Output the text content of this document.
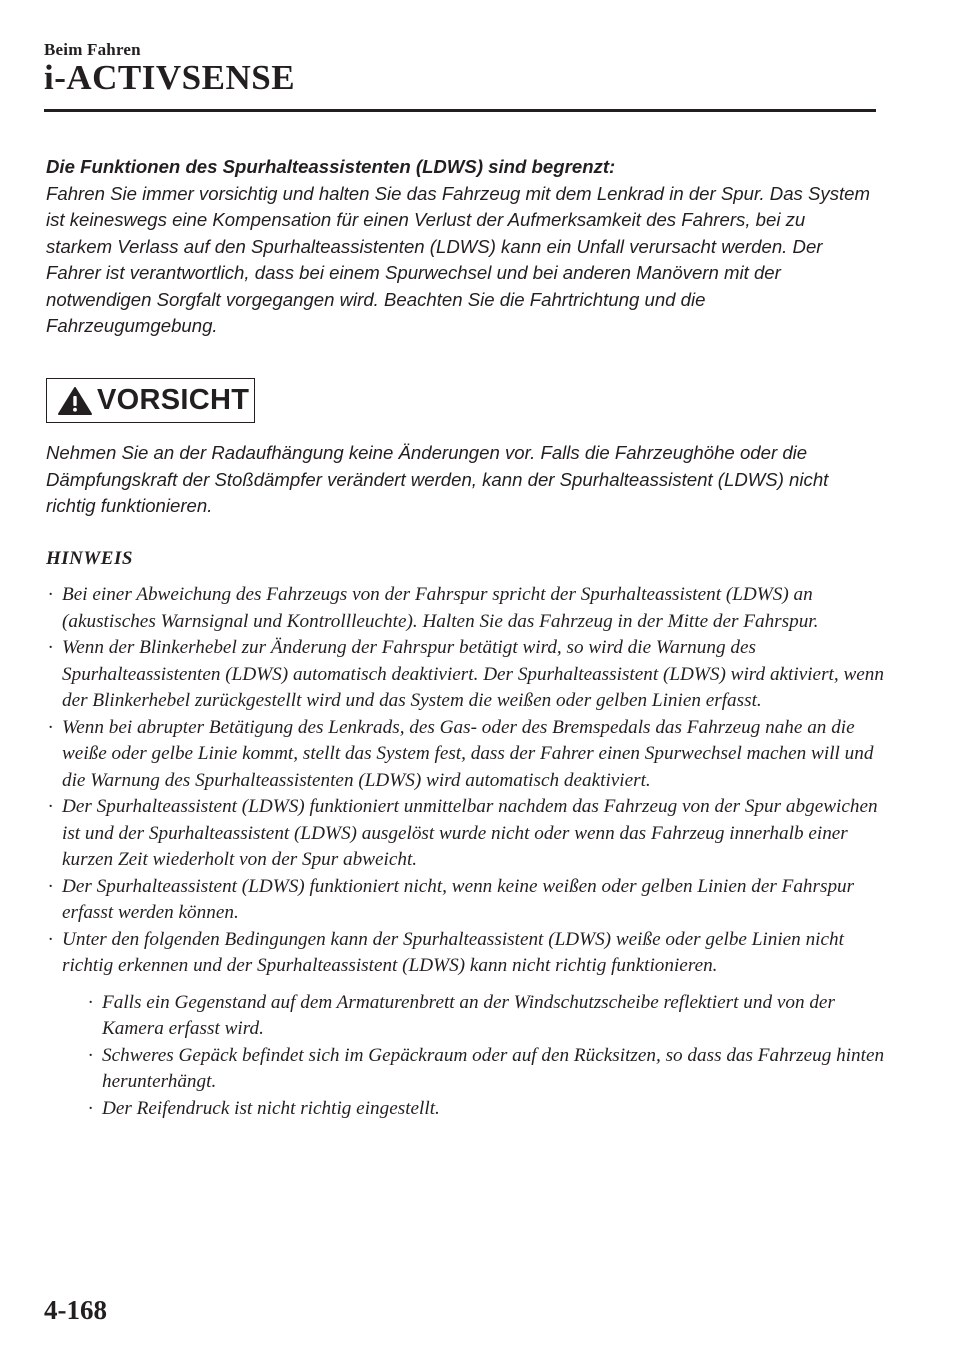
Beim Fahren
i-ACTIVSENSE
Die Funktionen des Spurhalteassistenten (LDWS) sind begrenzt:
Fahren Sie immer vorsichtig und halten Sie das Fahrzeug mit dem Lenkrad in der Spur. Das System ist keineswegs eine Kompensation für einen Verlust der Aufmerksamkeit des Fahrers, bei zu starkem Verlass auf den Spurhalteassistenten (LDWS) kann ein Unfall verursacht werden. Der Fahrer ist verantwortlich, dass bei einem Spurwechsel und bei anderen Manövern mit der notwendigen Sorgfalt vorgegangen wird. Beachten Sie die Fahrtrichtung und die Fahrzeugumgebung.
VORSICHT
Nehmen Sie an der Radaufhängung keine Änderungen vor. Falls die Fahrzeughöhe oder die Dämpfungskraft der Stoßdämpfer verändert werden, kann der Spurhalteassistent (LDWS) nicht richtig funktionieren.
HINWEIS
· Bei einer Abweichung des Fahrzeugs von der Fahrspur spricht der Spurhalteassistent (LDWS) an (akustisches Warnsignal und Kontrollleuchte). Halten Sie das Fahrzeug in der Mitte der Fahrspur.
· Wenn der Blinkerhebel zur Änderung der Fahrspur betätigt wird, so wird die Warnung des Spurhalteassistenten (LDWS) automatisch deaktiviert. Der Spurhalteassistent (LDWS) wird aktiviert, wenn der Blinkerhebel zurückgestellt wird und das System die weißen oder gelben Linien erfasst.
· Wenn bei abrupter Betätigung des Lenkrads, des Gas- oder des Bremspedals das Fahrzeug nahe an die weiße oder gelbe Linie kommt, stellt das System fest, dass der Fahrer einen Spurwechsel machen will und die Warnung des Spurhalteassistenten (LDWS) wird automatisch deaktiviert.
· Der Spurhalteassistent (LDWS) funktioniert unmittelbar nachdem das Fahrzeug von der Spur abgewichen ist und der Spurhalteassistent (LDWS) ausgelöst wurde nicht oder wenn das Fahrzeug innerhalb einer kurzen Zeit wiederholt von der Spur abweicht.
· Der Spurhalteassistent (LDWS) funktioniert nicht, wenn keine weißen oder gelben Linien der Fahrspur erfasst werden können.
· Unter den folgenden Bedingungen kann der Spurhalteassistent (LDWS) weiße oder gelbe Linien nicht richtig erkennen und der Spurhalteassistent (LDWS) kann nicht richtig funktionieren.
· Falls ein Gegenstand auf dem Armaturenbrett an der Windschutzscheibe reflektiert und von der Kamera erfasst wird.
· Schweres Gepäck befindet sich im Gepäckraum oder auf den Rücksitzen, so dass das Fahrzeug hinten herunterhängt.
· Der Reifendruck ist nicht richtig eingestellt.
4-168
